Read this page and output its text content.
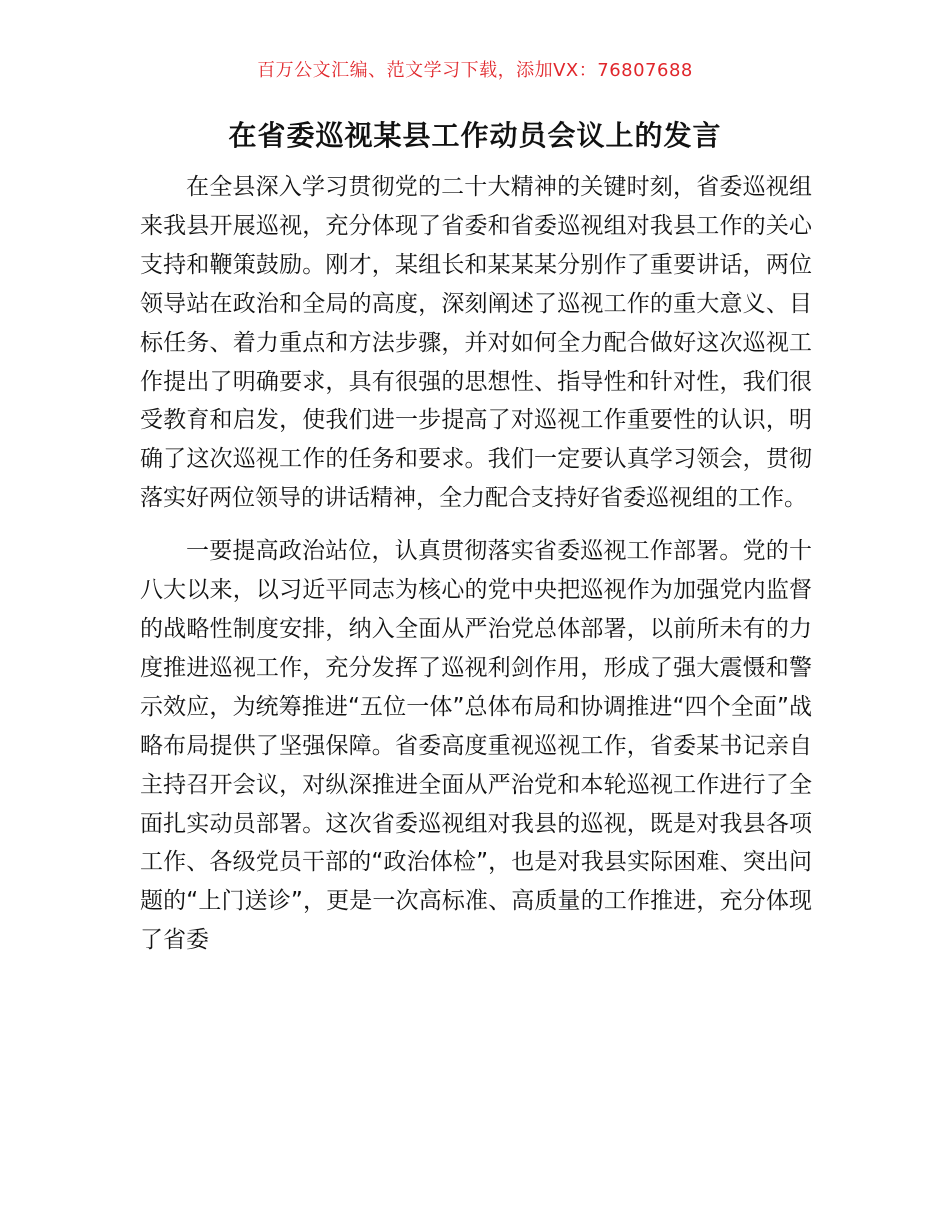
百万公文汇编、范文学习下载，添加VX：76807688
在省委巡视某县工作动员会议上的发言

在全县深入学习贯彻党的二十大精神的关键时刻，省委巡视组来我县开展巡视，充分体现了省委和省委巡视组对我县工作的关心支持和鞭策鼓励。刚才，某组长和某某某分别作了重要讲话，两位领导站在政治和全局的高度，深刻阐述了巡视工作的重大意义、目标任务、着力重点和方法步骤，并对如何全力配合做好这次巡视工作提出了明确要求，具有很强的思想性、指导性和针对性，我们很受教育和启发，使我们进一步提高了对巡视工作重要性的认识，明确了这次巡视工作的任务和要求。我们一定要认真学习领会，贯彻落实好两位领导的讲话精神，全力配合支持好省委巡视组的工作。

一要提高政治站位，认真贯彻落实省委巡视工作部署。党的十八大以来，以习近平同志为核心的党中央把巡视作为加强党内监督的战略性制度安排，纳入全面从严治党总体部署，以前所未有的力度推进巡视工作，充分发挥了巡视利剑作用，形成了强大震慑和警示效应，为统筹推进“五位一体”总体布局和协调推进“四个全面”战略布局提供了坚强保障。省委高度重视巡视工作，省委某书记亲自主持召开会议，对纵深推进全面从严治党和本轮巡视工作进行了全面扎实动员部署。这次省委巡视组对我县的巡视，既是对我县各项工作、各级党员干部的“政治体检”，也是对我县实际困难、突出问题的“上门送诊”，更是一次高标准、高质量的工作推进，充分体现了省委
